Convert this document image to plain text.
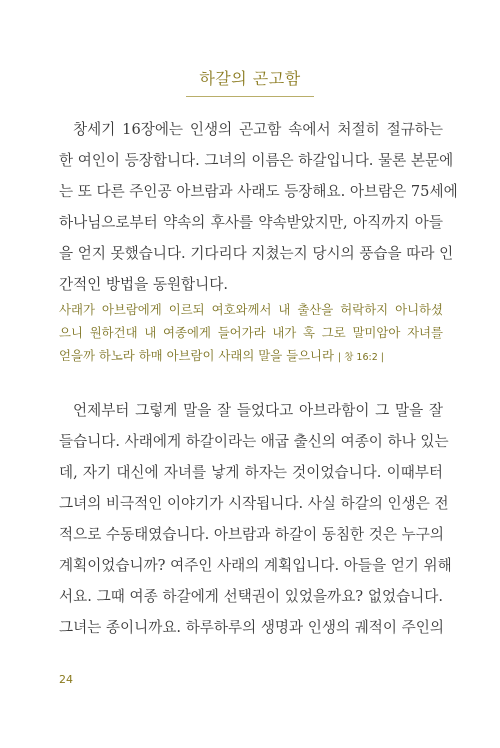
하갈의 곤고함
창세기 16장에는 인생의 곤고함 속에서 처절히 절규하는
한 여인이 등장합니다. 그녀의 이름은 하갈입니다. 물론 본문에
는 또 다른 주인공 아브람과 사래도 등장해요. 아브람은 75세에
하나님으로부터 약속의 후사를 약속받았지만, 아직까지 아들
을 얻지 못했습니다. 기다리다 지쳤는지 당시의 풍습을 따라 인
간적인 방법을 동원합니다.
사래가 아브람에게 이르되 여호와께서 내 출산을 허락하지 아니하셨
으니 원하건대 내 여종에게 들어가라 내가 혹 그로 말미암아 자녀를
얻을까 하노라 하매 아브람이 사래의 말을 들으니라 | 창 16:2 |
언제부터 그렇게 말을 잘 들었다고 아브라함이 그 말을 잘
들습니다. 사래에게 하갈이라는 애굽 출신의 여종이 하나 있는
데, 자기 대신에 자녀를 낳게 하자는 것이었습니다. 이때부터
그녀의 비극적인 이야기가 시작됩니다. 사실 하갈의 인생은 전
적으로 수동태였습니다. 아브람과 하갈이 동침한 것은 누구의
계획이었습니까? 여주인 사래의 계획입니다. 아들을 얻기 위해
서요. 그때 여종 하갈에게 선택권이 있었을까요? 없었습니다.
그녀는 종이니까요. 하루하루의 생명과 인생의 궤적이 주인의
24
